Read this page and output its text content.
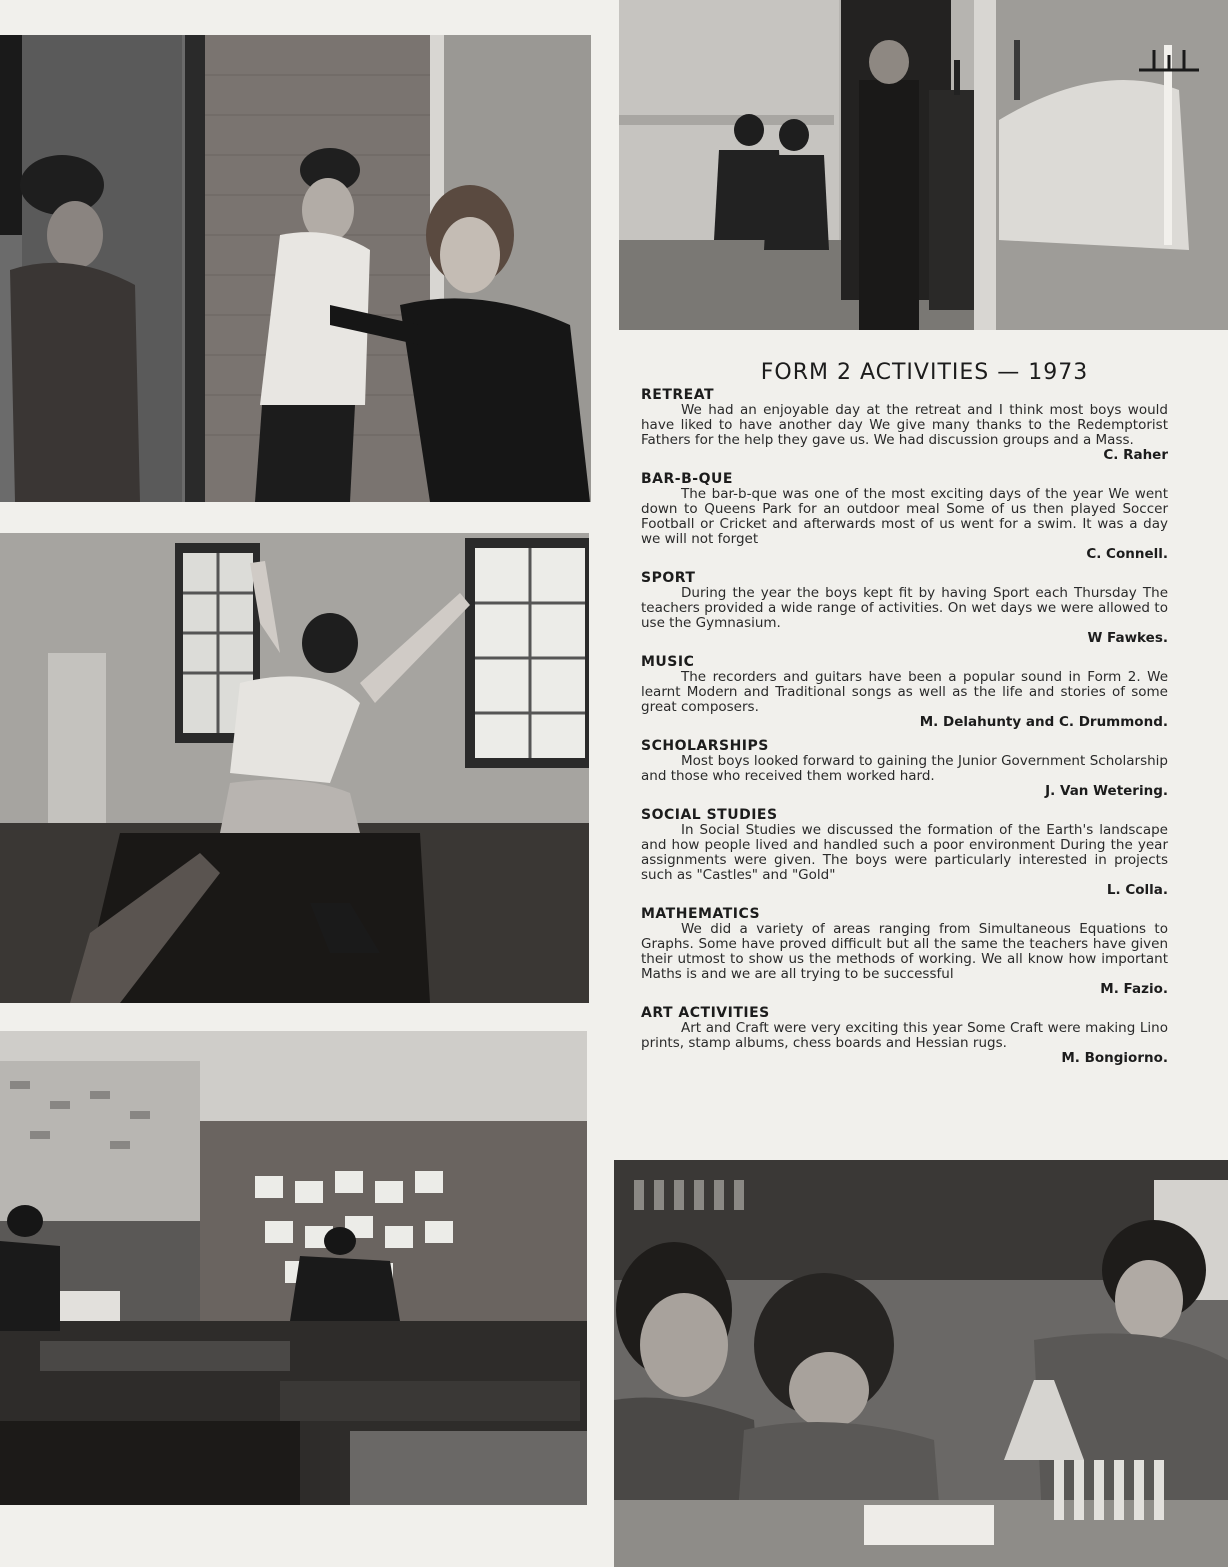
FORM 2 ACTIVITIES — 1973

RETREAT

We had an enjoyable day at the retreat and I think most boys would have liked to have another day We give many thanks to the Redemptorist Fathers for the help they gave us. We had discussion groups and a Mass.

C. Raher

BAR-B-QUE

The bar-b-que was one of the most exciting days of the year We went down to Queens Park for an outdoor meal Some of us then played Soccer Football or Cricket and afterwards most of us went for a swim. It was a day we will not forget

C. Connell.

SPORT

During the year the boys kept fit by having Sport each Thursday The teachers provided a wide range of activities. On wet days we were allowed to use the Gymnasium.

W Fawkes.

MUSIC

The recorders and guitars have been a popular sound in Form 2. We learnt Modern and Traditional songs as well as the life and stories of some great composers.

M. Delahunty and C. Drummond.

SCHOLARSHIPS

Most boys looked forward to gaining the Junior Government Scholarship and those who received them worked hard.

J. Van Wetering.

SOCIAL STUDIES

In Social Studies we discussed the formation of the Earth's landscape and how people lived and handled such a poor environment During the year assignments were given. The boys were particularly interested in projects such as "Castles" and "Gold"

L. Colla.

MATHEMATICS

We did a variety of areas ranging from Simultaneous Equations to Graphs. Some have proved difficult but all the same the teachers have given their utmost to show us the methods of working. We all know how important Maths is and we are all trying to be successful

M. Fazio.

ART ACTIVITIES

Art and Craft were very exciting this year Some Craft were making Lino prints, stamp albums, chess boards and Hessian rugs.

M. Bongiorno.
